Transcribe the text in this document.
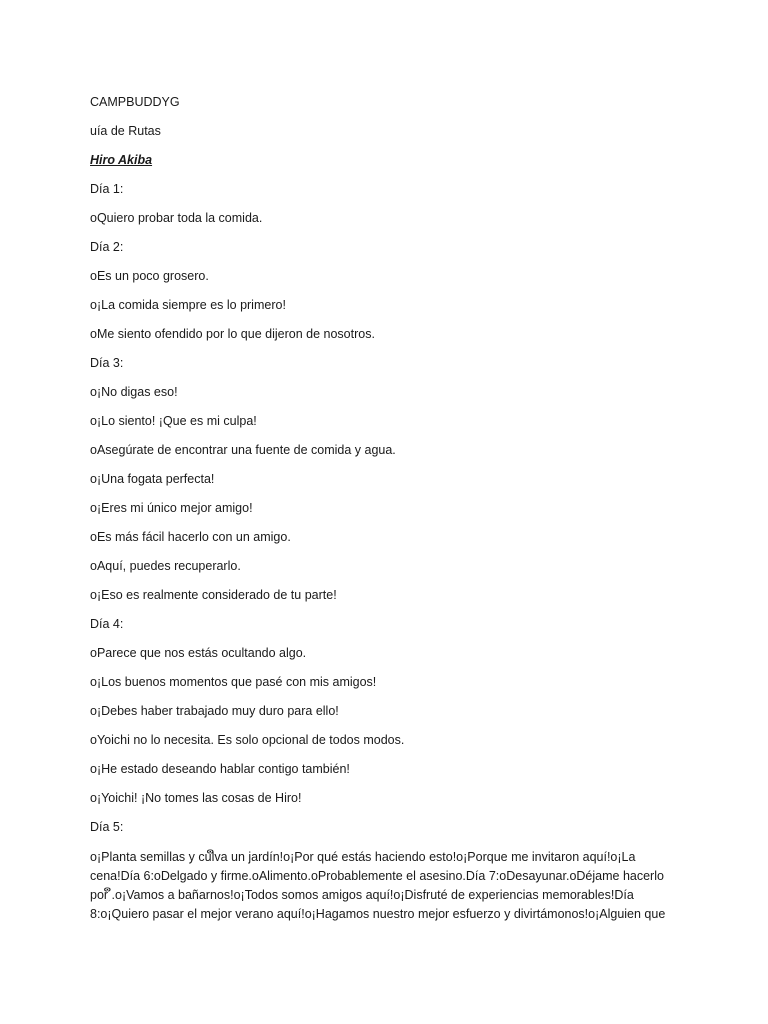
CAMPBUDDYG
uía de Rutas
Hiro Akiba
Día 1:
oQuiero probar toda la comida.
Día 2:
oEs un poco grosero.
o¡La comida siempre es lo primero!
oMe siento ofendido por lo que dijeron de nosotros.
Día 3:
o¡No digas eso!
o¡Lo siento! ¡Que es mi culpa!
oAsegúrate de encontrar una fuente de comida y agua.
o¡Una fogata perfecta!
o¡Eres mi único mejor amigo!
oEs más fácil hacerlo con un amigo.
oAquí, puedes recuperarlo.
o¡Eso es realmente considerado de tu parte!
Día 4:
oParece que nos estás ocultando algo.
o¡Los buenos momentos que pasé con mis amigos!
o¡Debes haber trabajado muy duro para ello!
oYoichi no lo necesita. Es solo opcional de todos modos.
o¡He estado deseando hablar contigo también!
o¡Yoichi! ¡No tomes las cosas de Hiro!
Día 5:
o¡Planta semillas y culຶva un jardín!o¡Por qué estás haciendo esto!o¡Porque me invitaron aquí!o¡La cena!Día 6:oDelgado y ﬁrme.oAlimento.oProbablemente el asesino.Día 7:oDesayunar.oDéjame hacerlo por ຶ.o¡Vamos a bañarnos!o¡Todos somos amigos aquí!o¡Disfruté de experiencias memorables!Día 8:o¡Quiero pasar el mejor verano aquí!o¡Hagamos nuestro mejor esfuerzo y divirtámonos!o¡Alguien que
